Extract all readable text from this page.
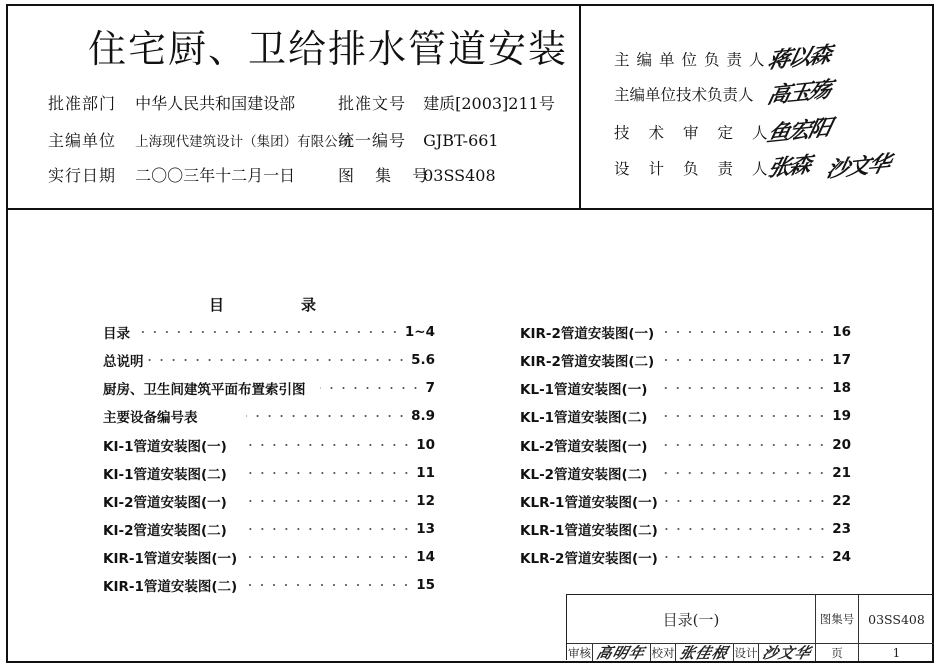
住宅厨、卫给排水管道安装
批准部门 中华人民共和国建设部
主编单位 上海现代建筑设计（集团）有限公司
实行日期 二〇〇三年十二月一日
批准文号 建质[2003]211号
统一编号 GJBT-661
图 集 号 03SS408
主编单位负责人 蒋以森
主编单位技术负责人 高玉殇
技术审定人 鱼宏阳
设计负责人 张森 沙文华
目	录
目录	1~4
总说明	5.6
厨房、卫生间建筑平面布置索引图	7
主要设备编号表	8.9
KI-1管道安装图(一)	10
KI-1管道安装图(二)	11
KI-2管道安装图(一)	12
KI-2管道安装图(二)	13
KIR-1管道安装图(一)	14
KIR-1管道安装图(二)	15
KIR-2管道安装图(一)	16
KIR-2管道安装图(二)	17
KL-1管道安装图(一)	18
KL-1管道安装图(二)	19
KL-2管道安装图(一)	20
KL-2管道安装图(二)	21
KLR-1管道安装图(一)	22
KLR-1管道安装图(二)	23
KLR-2管道安装图(一)	24
目录(一)	图集号	03SS408
审核 高明年 校对 张佳根 设计 沙文华	页	1
